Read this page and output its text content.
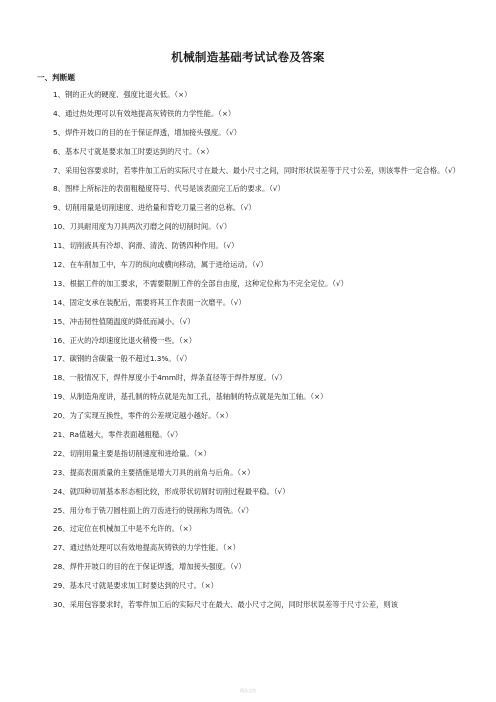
机械制造基础考试试卷及答案
一、判断题
1、钢的正火的硬度、强度比退火低。（×）
4、通过热处理可以有效地提高灰铸铁的力学性能。（×）
5、焊件开坡口的目的在于保证焊透，增加接头强度。（√）
6、基本尺寸就是要求加工时要达到的尺寸。（×）
7、采用包容要求时，若零件加工后的实际尺寸在最大、最小尺寸之间，同时形状误差等于尺寸公差，则该零件一定合格。（√）
8、图样上所标注的表面粗糙度符号、代号是该表面完工后的要求。（√）
9、切削用量是切削速度、进给量和背吃刀量三者的总称。（√）
10、刀具耐用度为刀具两次刃磨之间的切削时间。（√）
11、切削液具有冷却、润滑、清洗、防锈四种作用。（√）
12、在车削加工中，车刀的纵向或横向移动，属于进给运动。（√）
13、根据工件的加工要求，不需要限制工件的全部自由度，这种定位称为不完全定位。（√）
14、固定支承在装配后，需要将其工作表面一次磨平。（√）
15、冲击韧性值随温度的降低而减小。（√）
16、正火的冷却速度比退火稍慢一些。（×）
17、碳钢的含碳量一般不超过1.3%。（√）
18、一般情况下，焊件厚度小于4mm时，焊条直径等于焊件厚度。（√）
19、从制造角度讲，基孔制的特点就是先加工孔，基轴制的特点就是先加工轴。（×）
20、为了实现互换性，零件的公差规定越小越好。（×）
21、Ra值越大，零件表面越粗糙。（√）
22、切削用量主要是指切削速度和进给量。（×）
23、提高表面质量的主要措施是增大刀具的前角与后角。（×）
24、就四种切屑基本形态相比较，形成带状切屑时切削过程最平稳。（√）
25、用分布于铣刀圆柱面上的刀齿进行的铣削称为周铣。（√）
26、过定位在机械加工中是不允许的。（×）
27、通过热处理可以有效地提高灰铸铁的力学性能。（×）
28、焊件开坡口的目的在于保证焊透，增加接头强度。（√）
29、基本尺寸就是要求加工时要达到的尺寸。（×）
30、采用包容要求时，若零件加工后的实际尺寸在最大、最小尺寸之间，同时形状误差等于尺寸公差，则该
精品文档
